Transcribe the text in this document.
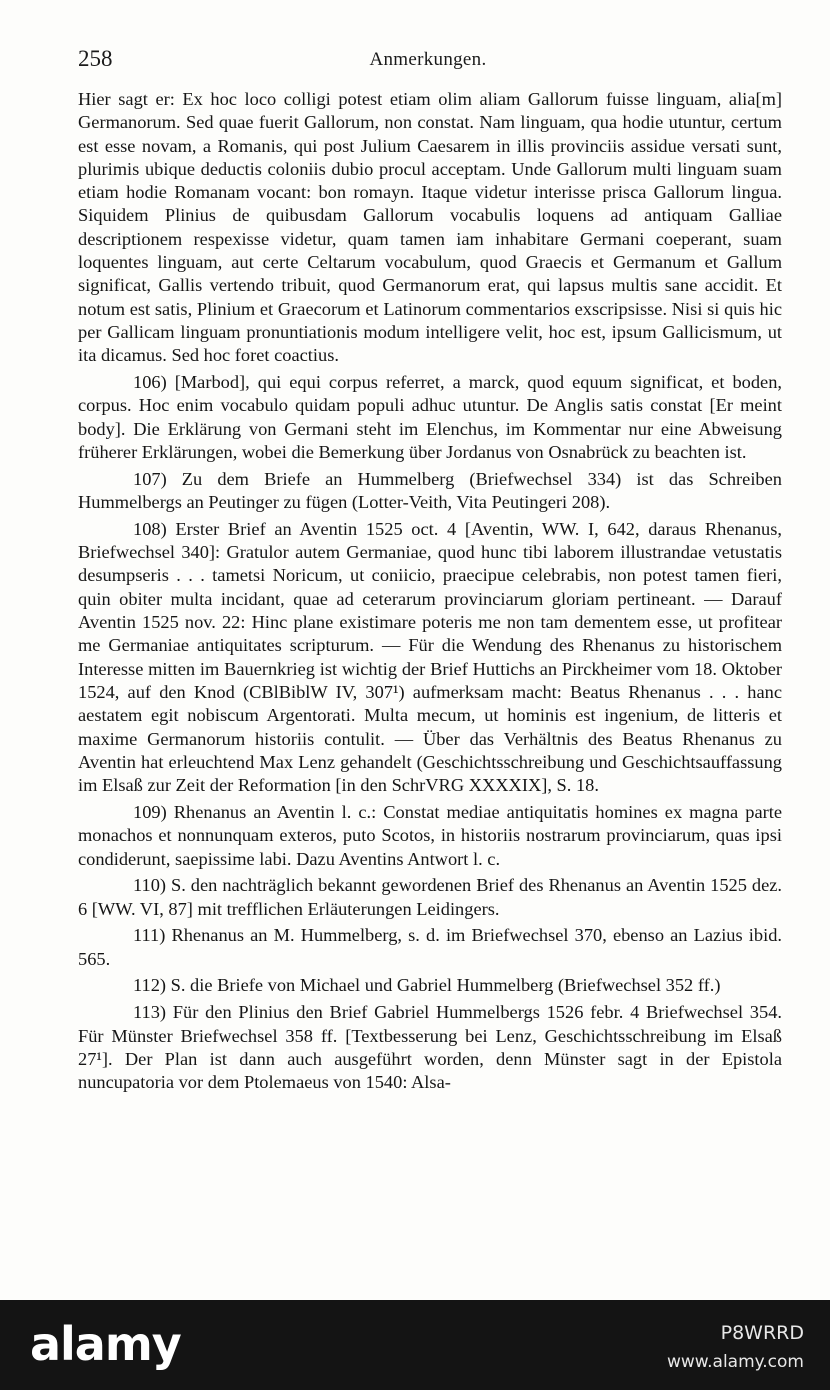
258	Anmerkungen.

Hier sagt er: Ex hoc loco colligi potest etiam olim aliam Gallorum fuisse linguam, alia[m] Germanorum. Sed quae fuerit Gallorum, non constat. Nam linguam, qua hodie utuntur, certum est esse novam, a Romanis, qui post Julium Caesarem in illis provinciis assidue versati sunt, plurimis ubique deductis coloniis dubio procul acceptam. Unde Gallorum multi linguam suam etiam hodie Romanam vocant: bon romayn. Itaque videtur interisse prisca Gallorum lingua. Siquidem Plinius de quibusdam Gallorum vocabulis loquens ad antiquam Galliae descriptionem respexisse videtur, quam tamen iam inhabitare Germani coeperant, suam loquentes linguam, aut certe Celtarum vocabulum, quod Graecis et Germanum et Gallum significat, Gallis vertendo tribuit, quod Germanorum erat, qui lapsus multis sane accidit. Et notum est satis, Plinium et Graecorum et Latinorum commentarios exscripsisse. Nisi si quis hic per Gallicam linguam pronuntiationis modum intelligere velit, hoc est, ipsum Gallicismum, ut ita dicamus. Sed hoc foret coactius.

106) [Marbod], qui equi corpus referret, a marck, quod equum significat, et boden, corpus. Hoc enim vocabulo quidam populi adhuc utuntur. De Anglis satis constat [Er meint body]. Die Erklärung von Germani steht im Elenchus, im Kommentar nur eine Abweisung früherer Erklärungen, wobei die Bemerkung über Jordanus von Osnabrück zu beachten ist.

107) Zu dem Briefe an Hummelberg (Briefwechsel 334) ist das Schreiben Hummelbergs an Peutinger zu fügen (Lotter-Veith, Vita Peutingeri 208).

108) Erster Brief an Aventin 1525 oct. 4 [Aventin, WW. I, 642, daraus Rhenanus, Briefwechsel 340]: Gratulor autem Germaniae, quod hunc tibi laborem illustrandae vetustatis desumpseris . . . tametsi Noricum, ut coniicio, praecipue celebrabis, non potest tamen fieri, quin obiter multa incidant, quae ad ceterarum provinciarum gloriam pertineant. — Darauf Aventin 1525 nov. 22: Hinc plane existimare poteris me non tam dementem esse, ut profitear me Germaniae antiquitates scripturum. — Für die Wendung des Rhenanus zu historischem Interesse mitten im Bauernkrieg ist wichtig der Brief Huttichs an Pirckheimer vom 18. Oktober 1524, auf den Knod (CBlBiblW IV, 307¹) aufmerksam macht: Beatus Rhenanus . . . hanc aestatem egit nobiscum Argentorati. Multa mecum, ut hominis est ingenium, de litteris et maxime Germanorum historiis contulit. — Über das Verhältnis des Beatus Rhenanus zu Aventin hat erleuchtend Max Lenz gehandelt (Geschichtsschreibung und Geschichtsauffassung im Elsaß zur Zeit der Reformation [in den SchrVRG XXXXIX], S. 18.

109) Rhenanus an Aventin l. c.: Constat mediae antiquitatis homines ex magna parte monachos et nonnunquam exteros, puto Scotos, in historiis nostrarum provinciarum, quas ipsi condiderunt, saepissime labi. Dazu Aventins Antwort l. c.

110) S. den nachträglich bekannt gewordenen Brief des Rhenanus an Aventin 1525 dez. 6 [WW. VI, 87] mit trefflichen Erläuterungen Leidingers.

111) Rhenanus an M. Hummelberg, s. d. im Briefwechsel 370, ebenso an Lazius ibid. 565.

112) S. die Briefe von Michael und Gabriel Hummelberg (Briefwechsel 352 ff.)

113) Für den Plinius den Brief Gabriel Hummelbergs 1526 febr. 4 Briefwechsel 354. Für Münster Briefwechsel 358 ff. [Textbesserung bei Lenz, Geschichtsschreibung im Elsaß 27¹]. Der Plan ist dann auch ausgeführt worden, denn Münster sagt in der Epistola nuncupatoria vor dem Ptolemaeus von 1540: Alsa-

alamy	P8WRRD
www.alamy.com
